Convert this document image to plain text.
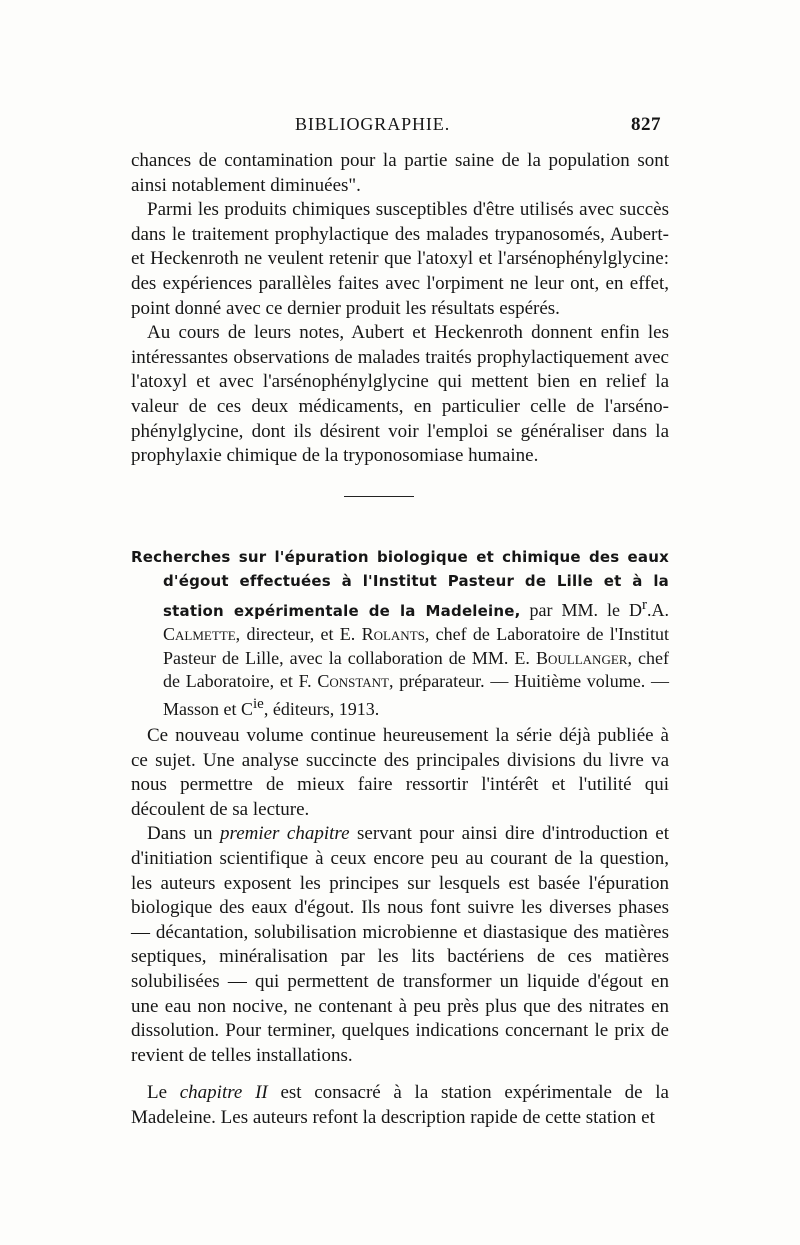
BIBLIOGRAPHIE.	827

chances de contamination pour la partie saine de la population sont ainsi notablement diminuées".

Parmi les produits chimiques susceptibles d'être utilisés avec succès dans le traitement prophylactique des malades trypanosomés, Aubert-et Heckenroth ne veulent retenir que l'atoxyl et l'arsénophénylglycine: des expériences parallèles faites avec l'orpiment ne leur ont, en effet, point donné avec ce dernier produit les résultats espérés.

Au cours de leurs notes, Aubert et Heckenroth donnent enfin les intéressantes observations de malades traités prophylactiquement avec l'atoxyl et avec l'arsénophénylglycine qui mettent bien en relief la valeur de ces deux médicaments, en particulier celle de l'arséno-phénylglycine, dont ils désirent voir l'emploi se généraliser dans la prophylaxie chimique de la tryponosomiase humaine.

Recherches sur l'épuration biologique et chimique des eaux d'égout effectuées à l'Institut Pasteur de Lille et à la station expérimentale de la Madeleine, par MM. le $D^r.A$. Calmette, directeur, et E. Rolants, chef de Laboratoire de l'Institut Pasteur de Lille, avec la collaboration de MM. E. Boullanger, chef de Laboratoire, et F. Constant, préparateur. — Huitième volume. — Masson et $C^{ie}$, éditeurs, 1913.

Ce nouveau volume continue heureusement la série déjà publiée à ce sujet. Une analyse succincte des principales divisions du livre va nous permettre de mieux faire ressortir l'intérêt et l'utilité qui découlent de sa lecture.

Dans un premier chapitre servant pour ainsi dire d'introduction et d'initiation scientifique à ceux encore peu au courant de la question, les auteurs exposent les principes sur lesquels est basée l'épuration biologique des eaux d'égout. Ils nous font suivre les diverses phases — décantation, solubilisation microbienne et diastasique des matières septiques, minéralisation par les lits bactériens de ces matières solubilisées — qui permettent de transformer un liquide d'égout en une eau non nocive, ne contenant à peu près plus que des nitrates en dissolution. Pour terminer, quelques indications concernant le prix de revient de telles installations.

Le chapitre II est consacré à la station expérimentale de la Madeleine. Les auteurs refont la description rapide de cette station et
